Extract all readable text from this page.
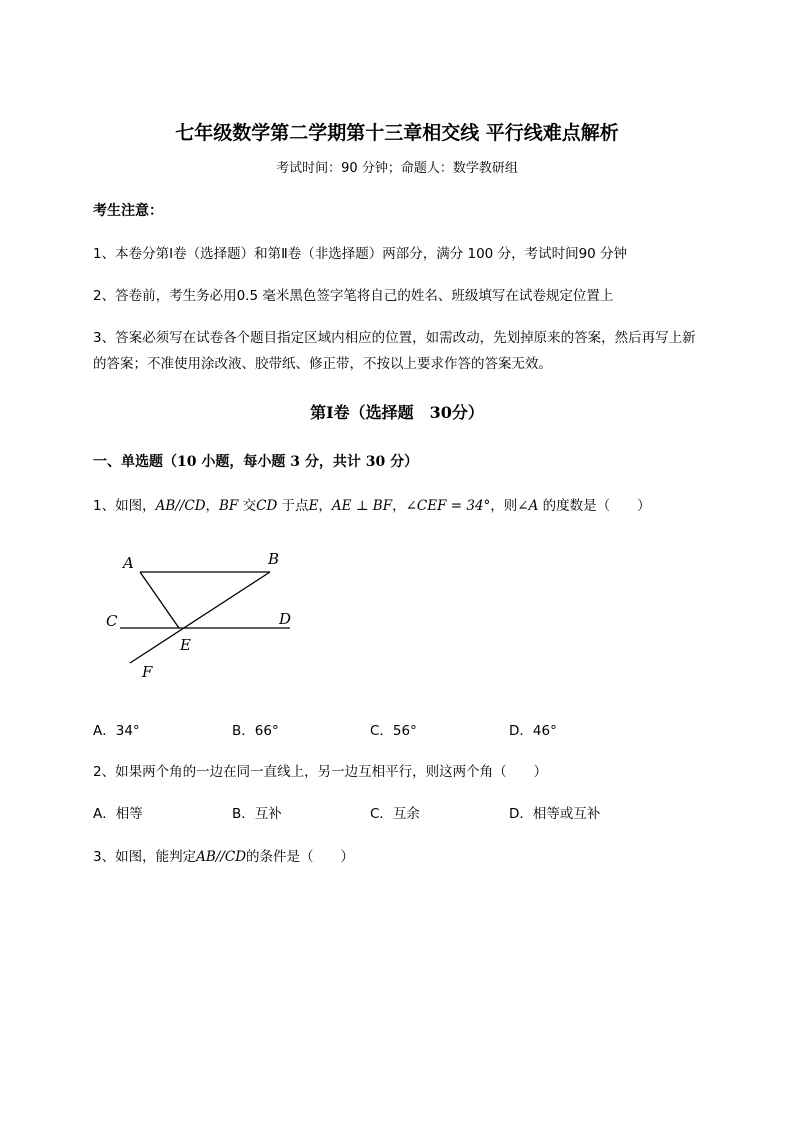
七年级数学第二学期第十三章相交线 平行线难点解析
考试时间：90 分钟；命题人：数学教研组
考生注意：
1、本卷分第Ⅰ卷（选择题）和第Ⅱ卷（非选择题）两部分，满分 100 分，考试时间90 分钟
2、答卷前，考生务必用0.5 毫米黑色签字笔将自己的姓名、班级填写在试卷规定位置上
3、答案必须写在试卷各个题目指定区域内相应的位置，如需改动，先划掉原来的答案，然后再写上新
的答案；不准使用涂改液、胶带纸、修正带，不按以上要求作答的答案无效。
第Ⅰ卷（选择题　30分）
一、单选题（10 小题，每小题 3 分，共计 30 分）
1、如图，AB//CD，BF 交CD 于点E，AE ⊥ BF，∠CEF = 34°，则∠A 的度数是（　　）
A	B
C	D
E
F
A．34°	B．66°	C．56°	D．46°
2、如果两个角的一边在同一直线上，另一边互相平行，则这两个角（　　）
A．相等	B．互补	C．互余	D．相等或互补
3、如图，能判定AB//CD的条件是（　　）
